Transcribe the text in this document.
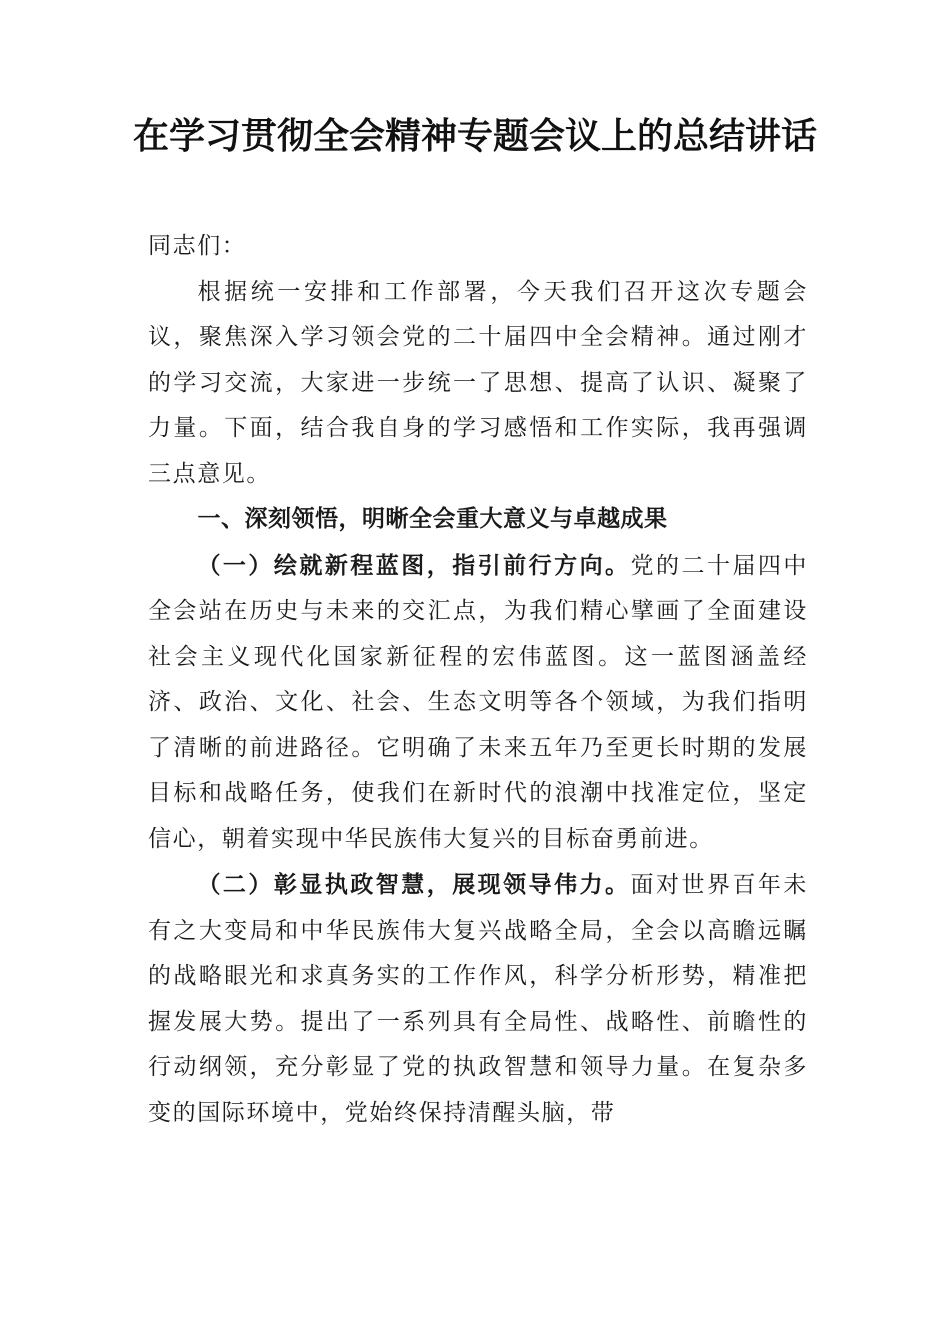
在学习贯彻全会精神专题会议上的总结讲话

同志们：

根据统一安排和工作部署，今天我们召开这次专题会议，聚焦深入学习领会党的二十届四中全会精神。通过刚才的学习交流，大家进一步统一了思想、提高了认识、凝聚了力量。下面，结合我自身的学习感悟和工作实际，我再强调三点意见。

一、深刻领悟，明晰全会重大意义与卓越成果

（一）绘就新程蓝图，指引前行方向。党的二十届四中全会站在历史与未来的交汇点，为我们精心擘画了全面建设社会主义现代化国家新征程的宏伟蓝图。这一蓝图涵盖经济、政治、文化、社会、生态文明等各个领域，为我们指明了清晰的前进路径。它明确了未来五年乃至更长时期的发展目标和战略任务，使我们在新时代的浪潮中找准定位，坚定信心，朝着实现中华民族伟大复兴的目标奋勇前进。

（二）彰显执政智慧，展现领导伟力。面对世界百年未有之大变局和中华民族伟大复兴战略全局，全会以高瞻远瞩的战略眼光和求真务实的工作作风，科学分析形势，精准把握发展大势。提出了一系列具有全局性、战略性、前瞻性的行动纲领，充分彰显了党的执政智慧和领导力量。在复杂多变的国际环境中，党始终保持清醒头脑，带
